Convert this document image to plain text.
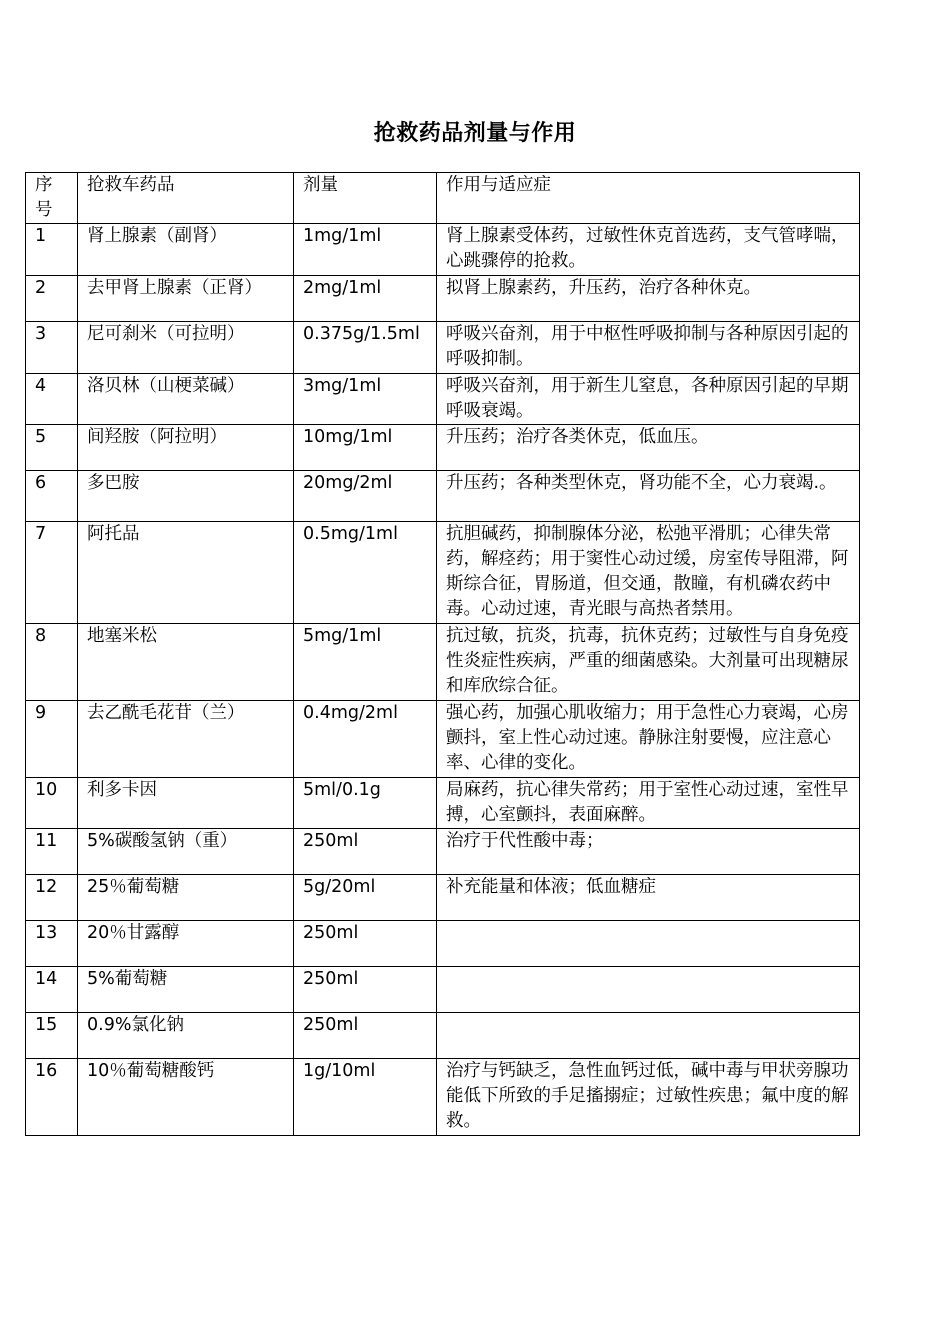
抢救药品剂量与作用
序号	抢救车药品	剂量	作用与适应症
1	肾上腺素（副肾）	1mg/1ml	肾上腺素受体药，过敏性休克首选药，支气管哮喘，心跳骤停的抢救。
2	去甲肾上腺素（正肾）	2mg/1ml	拟肾上腺素药，升压药，治疗各种休克。
3	尼可刹米（可拉明）	0.375g/1.5ml	呼吸兴奋剂，用于中枢性呼吸抑制与各种原因引起的呼吸抑制。
4	洛贝林（山梗菜碱）	3mg/1ml	呼吸兴奋剂，用于新生儿窒息，各种原因引起的早期呼吸衰竭。
5	间羟胺（阿拉明）	10mg/1ml	升压药；治疗各类休克，低血压。
6	多巴胺	20mg/2ml	升压药；各种类型休克，肾功能不全，心力衰竭.。
7	阿托品	0.5mg/1ml	抗胆碱药，抑制腺体分泌，松弛平滑肌；心律失常药，解痉药；用于窦性心动过缓，房室传导阻滞，阿斯综合征，胃肠道，但交通，散瞳，有机磷农药中毒。心动过速，青光眼与高热者禁用。
8	地塞米松	5mg/1ml	抗过敏，抗炎，抗毒，抗休克药；过敏性与自身免疫性炎症性疾病，严重的细菌感染。大剂量可出现糖尿和库欣综合征。
9	去乙酰毛花苷（兰）	0.4mg/2ml	强心药，加强心肌收缩力；用于急性心力衰竭，心房颤抖，室上性心动过速。静脉注射要慢，应注意心率、心律的变化。
10	利多卡因	5ml/0.1g	局麻药，抗心律失常药；用于室性心动过速，室性早搏，心室颤抖，表面麻醉。
11	5%碳酸氢钠（重）	250ml	治疗于代性酸中毒；
12	25％葡萄糖	5g/20ml	补充能量和体液；低血糖症
13	20％甘露醇	250ml	
14	5%葡萄糖	250ml	
15	0.9%氯化钠	250ml	
16	10％葡萄糖酸钙	1g/10ml	治疗与钙缺乏，急性血钙过低，碱中毒与甲状旁腺功能低下所致的手足搐搦症；过敏性疾患；氟中度的解救。
